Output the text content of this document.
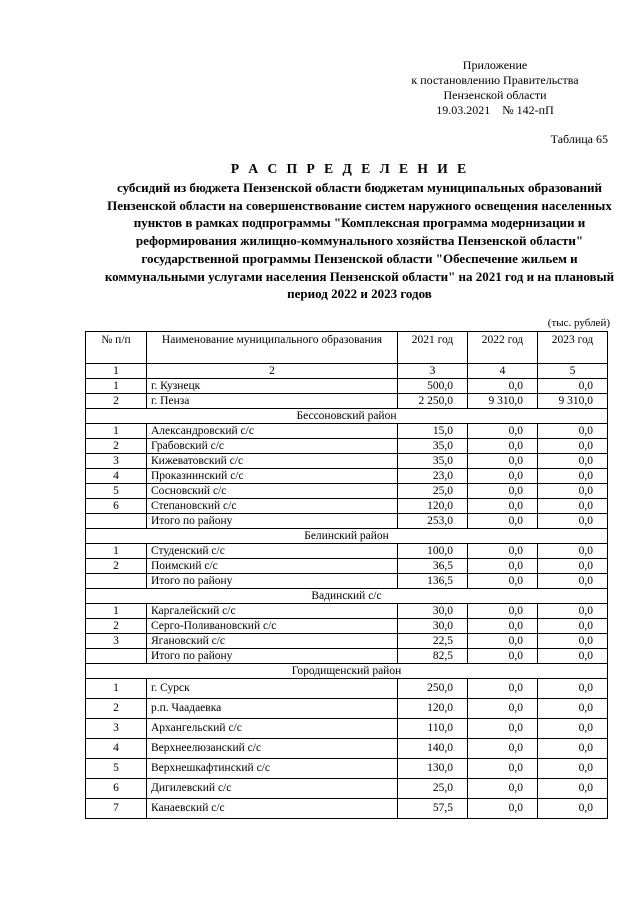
Приложение
к постановлению Правительства
Пензенской области
19.03.2021    № 142-пП
Таблица 65
Р А С П Р Е Д Е Л Е Н И Е
субсидий из бюджета Пензенской области бюджетам муниципальных образований Пензенской области на совершенствование систем наружного освещения населенных пунктов в рамках подпрограммы "Комплексная программа модернизации и реформирования жилищно-коммунального хозяйства Пензенской области" государственной программы Пензенской области "Обеспечение жильем и коммунальными услугами населения Пензенской области" на 2021 год и на плановый период 2022 и 2023 годов
(тыс. рублей)
№ п/п	Наименование муниципального образования	2021 год	2022 год	2023 год
1	2	3	4	5
1	г. Кузнецк	500,0	0,0	0,0
2	г. Пенза	2 250,0	9 310,0	9 310,0
Бессоновский район				
1	Александровский с/с	15,0	0,0	0,0
2	Грабовский с/с	35,0	0,0	0,0
3	Кижеватовский с/с	35,0	0,0	0,0
4	Проказнинский с/с	23,0	0,0	0,0
5	Сосновский с/с	25,0	0,0	0,0
6	Степановский с/с	120,0	0,0	0,0
	Итого по району	253,0	0,0	0,0
Белинский район				
1	Студенский с/с	100,0	0,0	0,0
2	Поимский с/с	36,5	0,0	0,0
	Итого по району	136,5	0,0	0,0
Вадинский с/с				
1	Каргалейский с/с	30,0	0,0	0,0
2	Серго-Поливановский с/с	30,0	0,0	0,0
3	Ягановский с/с	22,5	0,0	0,0
	Итого по району	82,5	0,0	0,0
Городищенский район				
1	г. Сурск	250,0	0,0	0,0
2	р.п. Чаадаевка	120,0	0,0	0,0
3	Архангельский с/с	110,0	0,0	0,0
4	Верхнеелюзанский с/с	140,0	0,0	0,0
5	Верхнешкафтинский с/с	130,0	0,0	0,0
6	Дигилевский с/с	25,0	0,0	0,0
7	Канаевский с/с	57,5	0,0	0,0
